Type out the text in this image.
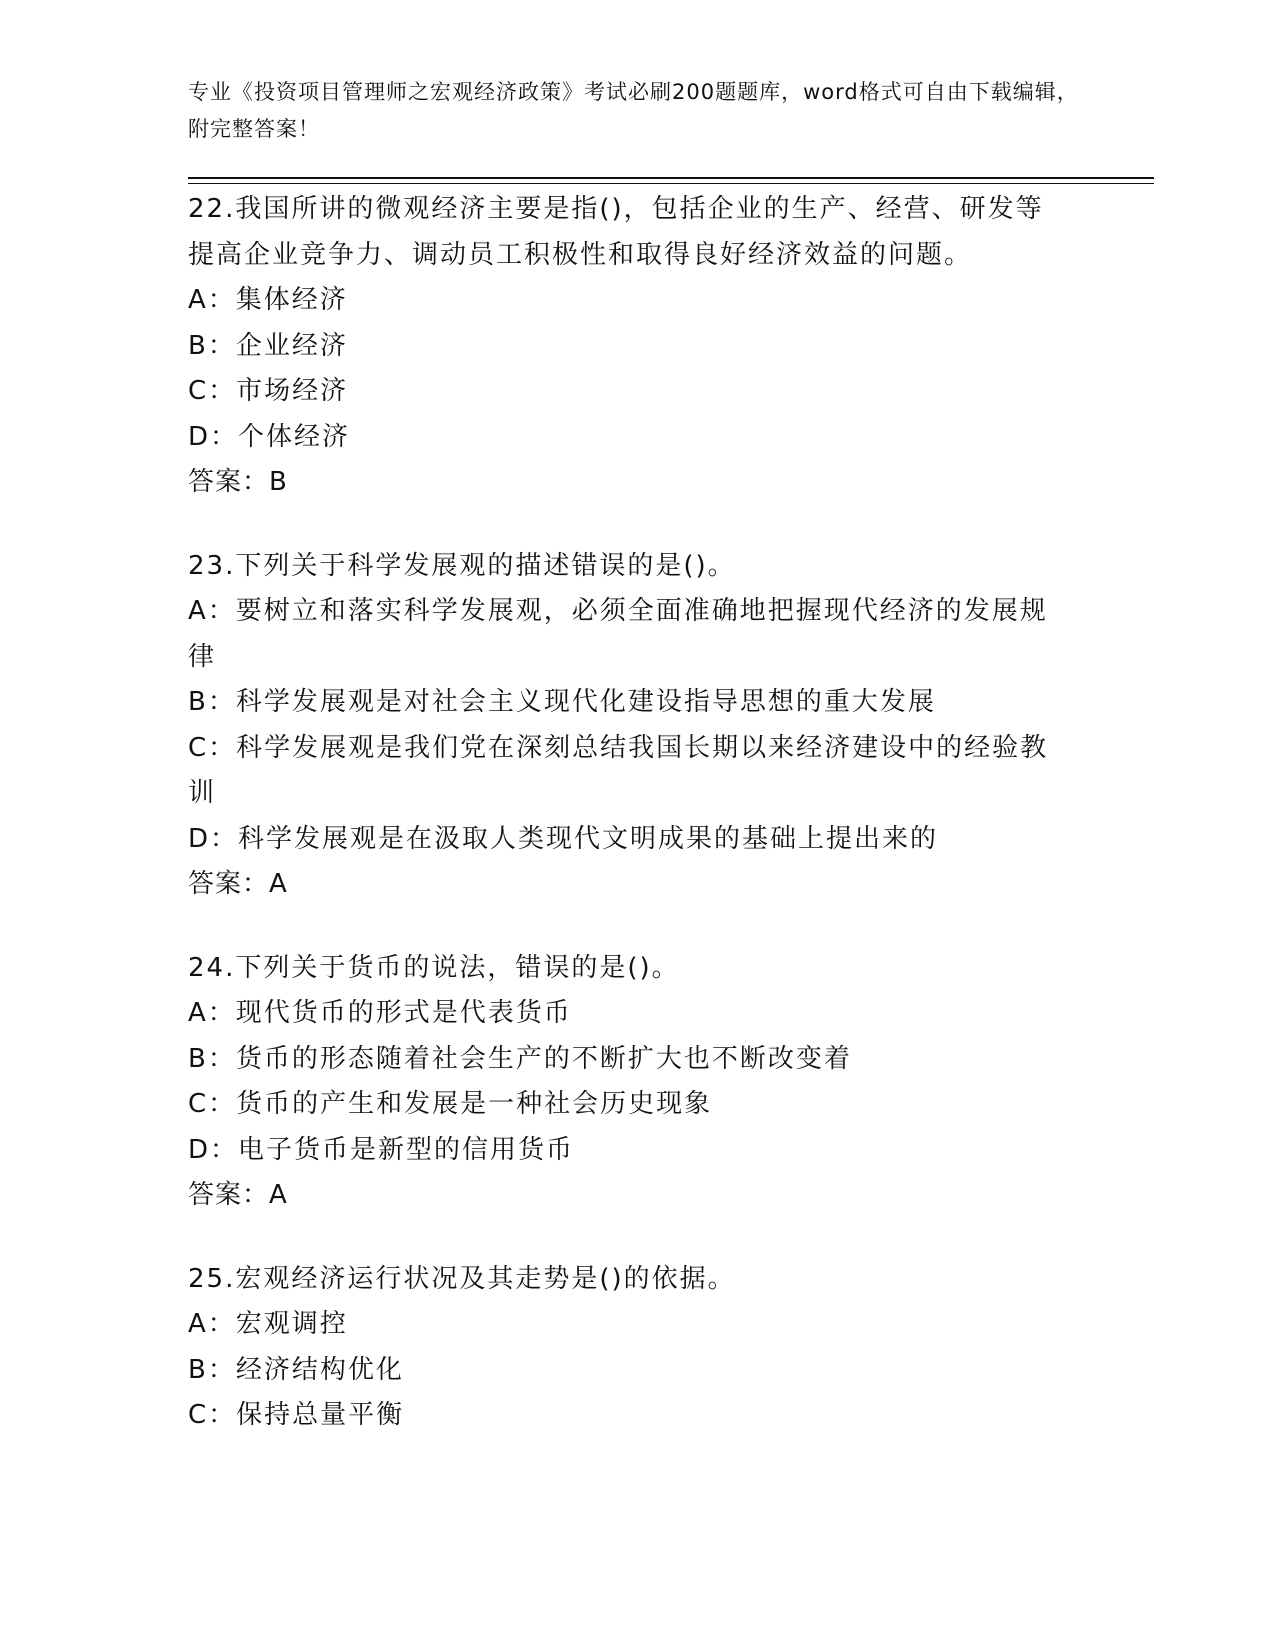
专业《投资项目管理师之宏观经济政策》考试必刷200题题库，word格式可自由下载编辑，附完整答案！

22.我国所讲的微观经济主要是指()，包括企业的生产、经营、研发等提高企业竞争力、调动员工积极性和取得良好经济效益的问题。

A：集体经济

B：企业经济

C：市场经济

D：个体经济

答案：B

23.下列关于科学发展观的描述错误的是()。

A：要树立和落实科学发展观，必须全面准确地把握现代经济的发展规律

B：科学发展观是对社会主义现代化建设指导思想的重大发展

C：科学发展观是我们党在深刻总结我国长期以来经济建设中的经验教训

D：科学发展观是在汲取人类现代文明成果的基础上提出来的

答案：A

24.下列关于货币的说法，错误的是()。

A：现代货币的形式是代表货币

B：货币的形态随着社会生产的不断扩大也不断改变着

C：货币的产生和发展是一种社会历史现象

D：电子货币是新型的信用货币

答案：A

25.宏观经济运行状况及其走势是()的依据。

A：宏观调控

B：经济结构优化

C：保持总量平衡
